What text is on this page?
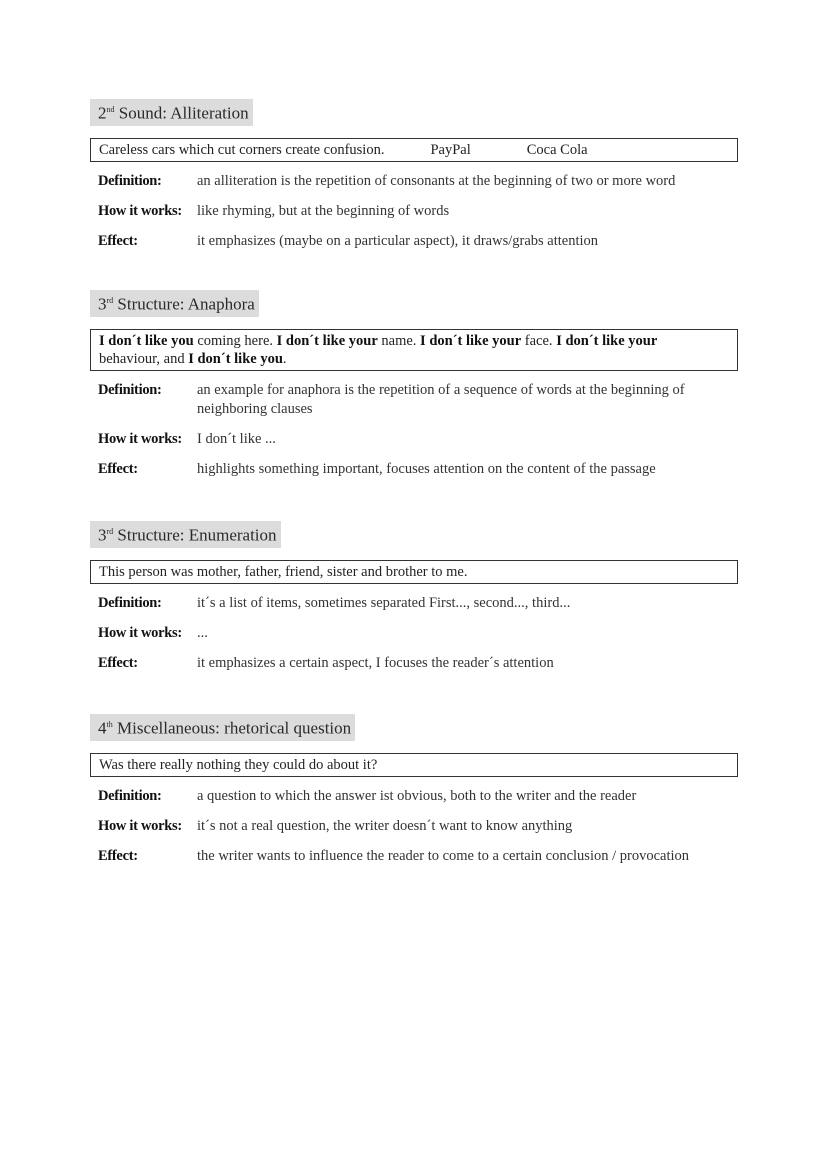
2nd Sound: Alliteration
Careless cars which cut corners create confusion.	PayPal	Coca Cola
Definition:	an alliteration is the repetition of consonants at the beginning of two or more word
How it works:	like rhyming, but at the beginning of words
Effect:	it emphasizes (maybe on a particular aspect), it draws/grabs attention
3rd Structure: Anaphora
I don´t like you coming here. I don´t like your name. I don´t like your face. I don´t like your behaviour, and I don´t like you.
Definition:	an example for anaphora is the repetition of a sequence of words at the beginning of neighboring clauses
How it works:	I don´t like ...
Effect:	highlights something important, focuses attention on the content of the passage
3rd Structure: Enumeration
This person was mother, father, friend, sister and brother to me.
Definition:	it´s a list of items, sometimes separated First..., second..., third...
How it works:	...
Effect:	it emphasizes a certain aspect, I focuses the reader´s attention
4th Miscellaneous: rhetorical question
Was there really nothing they could do about it?
Definition:	a question to which the answer ist obvious, both to the writer and the reader
How it works:	it´s not a real question, the writer doesn´t want to know anything
Effect:	the writer wants to influence the reader to come to a certain conclusion / provocation
